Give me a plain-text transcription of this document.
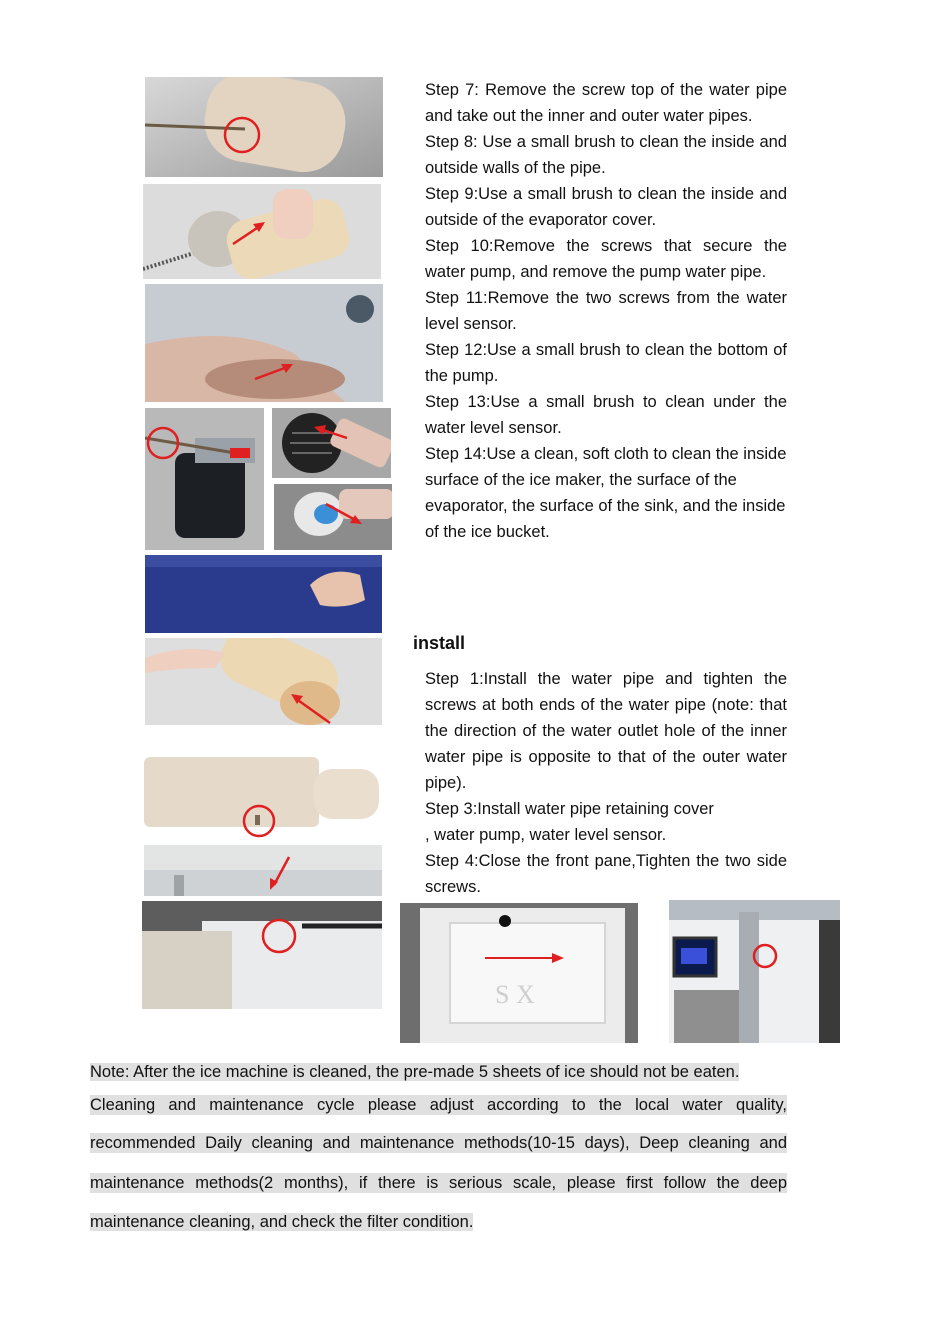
S X

Step 7: Remove the screw top of the water pipe and take out the inner and outer water pipes.

Step 8: Use a small brush to clean the inside and outside walls of the pipe.

Step 9:Use a small brush to clean the inside and outside of the evaporator cover.

Step 10:Remove the screws that secure the water pump, and remove the pump water pipe.

Step 11:Remove the two screws from the water level sensor.

Step 12:Use a small brush to clean the bottom of the pump.

Step 13:Use a small brush to clean under the water level sensor.

Step 14:Use a clean, soft cloth to clean the inside surface of the ice maker, the surface of the evaporator, the surface of the sink, and the inside of the ice bucket.

install

Step 1:Install the water pipe and tighten the screws at both ends of the water pipe (note: that the direction of the water outlet hole of the inner water pipe is opposite to that of the outer water pipe).

Step 3:Install water pipe retaining cover

, water pump, water level sensor.

Step 4:Close the front pane,Tighten the two side screws.

Note: After the ice machine is cleaned, the pre-made 5 sheets of ice should not be eaten.
Cleaning and maintenance cycle please adjust according to the local water quality,
recommended Daily cleaning and maintenance methods(10-15 days), Deep cleaning and
maintenance methods(2 months), if there is serious scale, please first follow the deep
maintenance cleaning, and check the filter condition.
